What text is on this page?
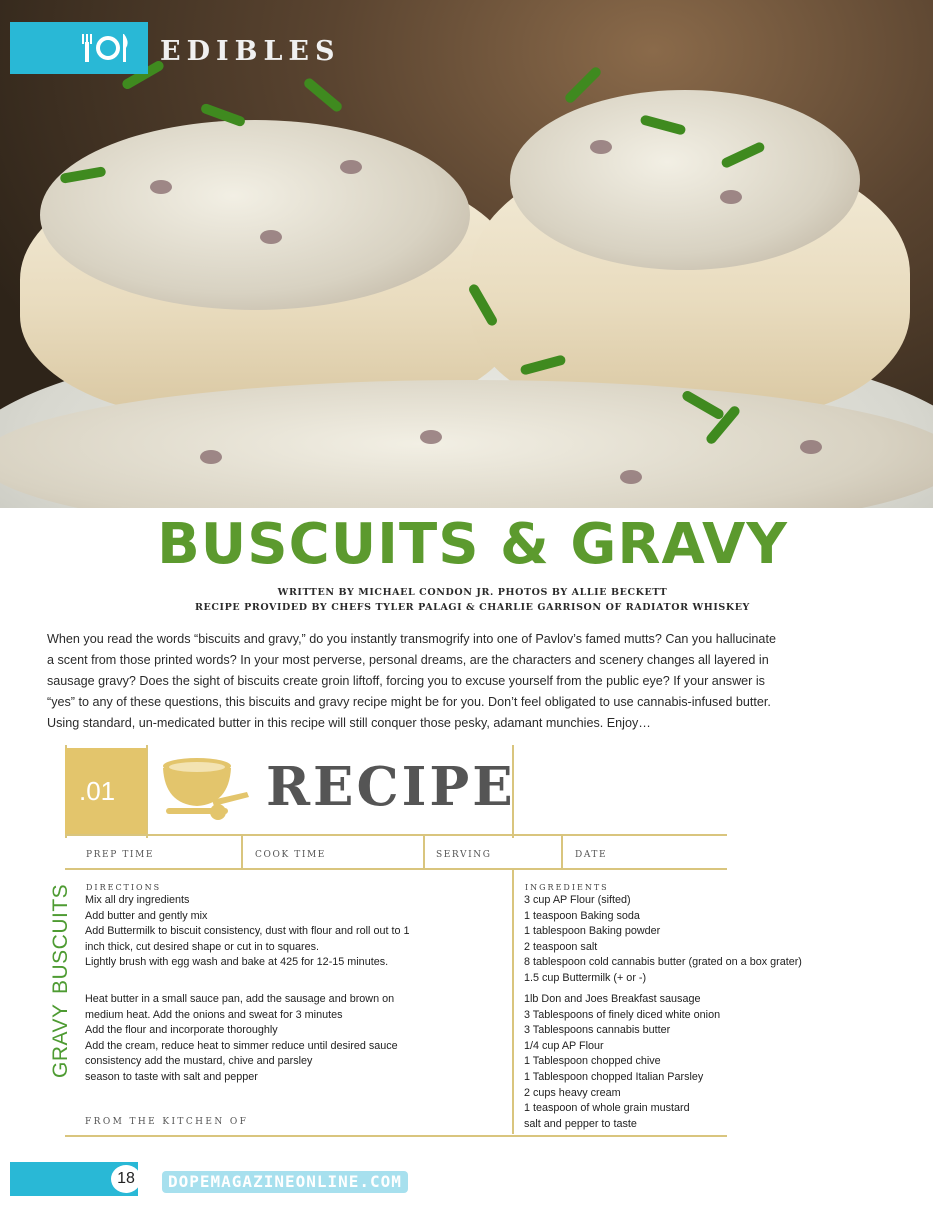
EDIBLES
BUSCUITS & GRAVY
WRITTEN BY MICHAEL CONDON JR. PHOTOS BY ALLIE BECKETT
RECIPE PROVIDED BY CHEFS TYLER PALAGI & CHARLIE GARRISON OF RADIATOR WHISKEY
When you read the words “biscuits and gravy,” do you instantly transmogrify into one of Pavlov’s famed mutts? Can you hallucinate
a scent from those printed words? In your most perverse, personal dreams, are the characters and scenery changes all layered in
sausage gravy? Does the sight of biscuits create groin liftoff, forcing you to excuse yourself from the public eye? If your answer is
“yes” to any of these questions, this biscuits and gravy recipe might be for you. Don’t feel obligated to use cannabis-infused butter.
Using standard, un-medicated butter in this recipe will still conquer those pesky, adamant munchies. Enjoy…
.01	RECIPE
PREP TIME	COOK TIME	SERVING	DATE
BUSCUITS
GRAVY
DIRECTIONS
Mix all dry ingredients
Add butter and gently mix
Add Buttermilk to biscuit consistency, dust with flour and roll out to 1
inch thick, cut desired shape or cut in to squares.
Lightly brush with egg wash and bake at 425 for 12-15 minutes.
Heat butter in a small sauce pan, add the sausage and brown on
medium heat. Add the onions and sweat for 3 minutes
Add the flour and incorporate thoroughly
Add the cream, reduce heat to simmer reduce until desired sauce
consistency add the mustard, chive and parsley
season to taste with salt and pepper
INGREDIENTS
3 cup AP Flour (sifted)
1 teaspoon Baking soda
1 tablespoon Baking powder
2 teaspoon salt
8 tablespoon cold cannabis butter (grated on a box grater)
1.5 cup Buttermilk (+ or -)
1lb Don and Joes Breakfast sausage
3 Tablespoons of finely diced white onion
3 Tablespoons cannabis butter
1/4 cup AP Flour
1 Tablespoon chopped chive
1 Tablespoon chopped Italian Parsley
2 cups heavy cream
1 teaspoon of whole grain mustard
salt and pepper to taste
FROM THE KITCHEN OF
18	DOPEMAGAZINEONLINE.COM
